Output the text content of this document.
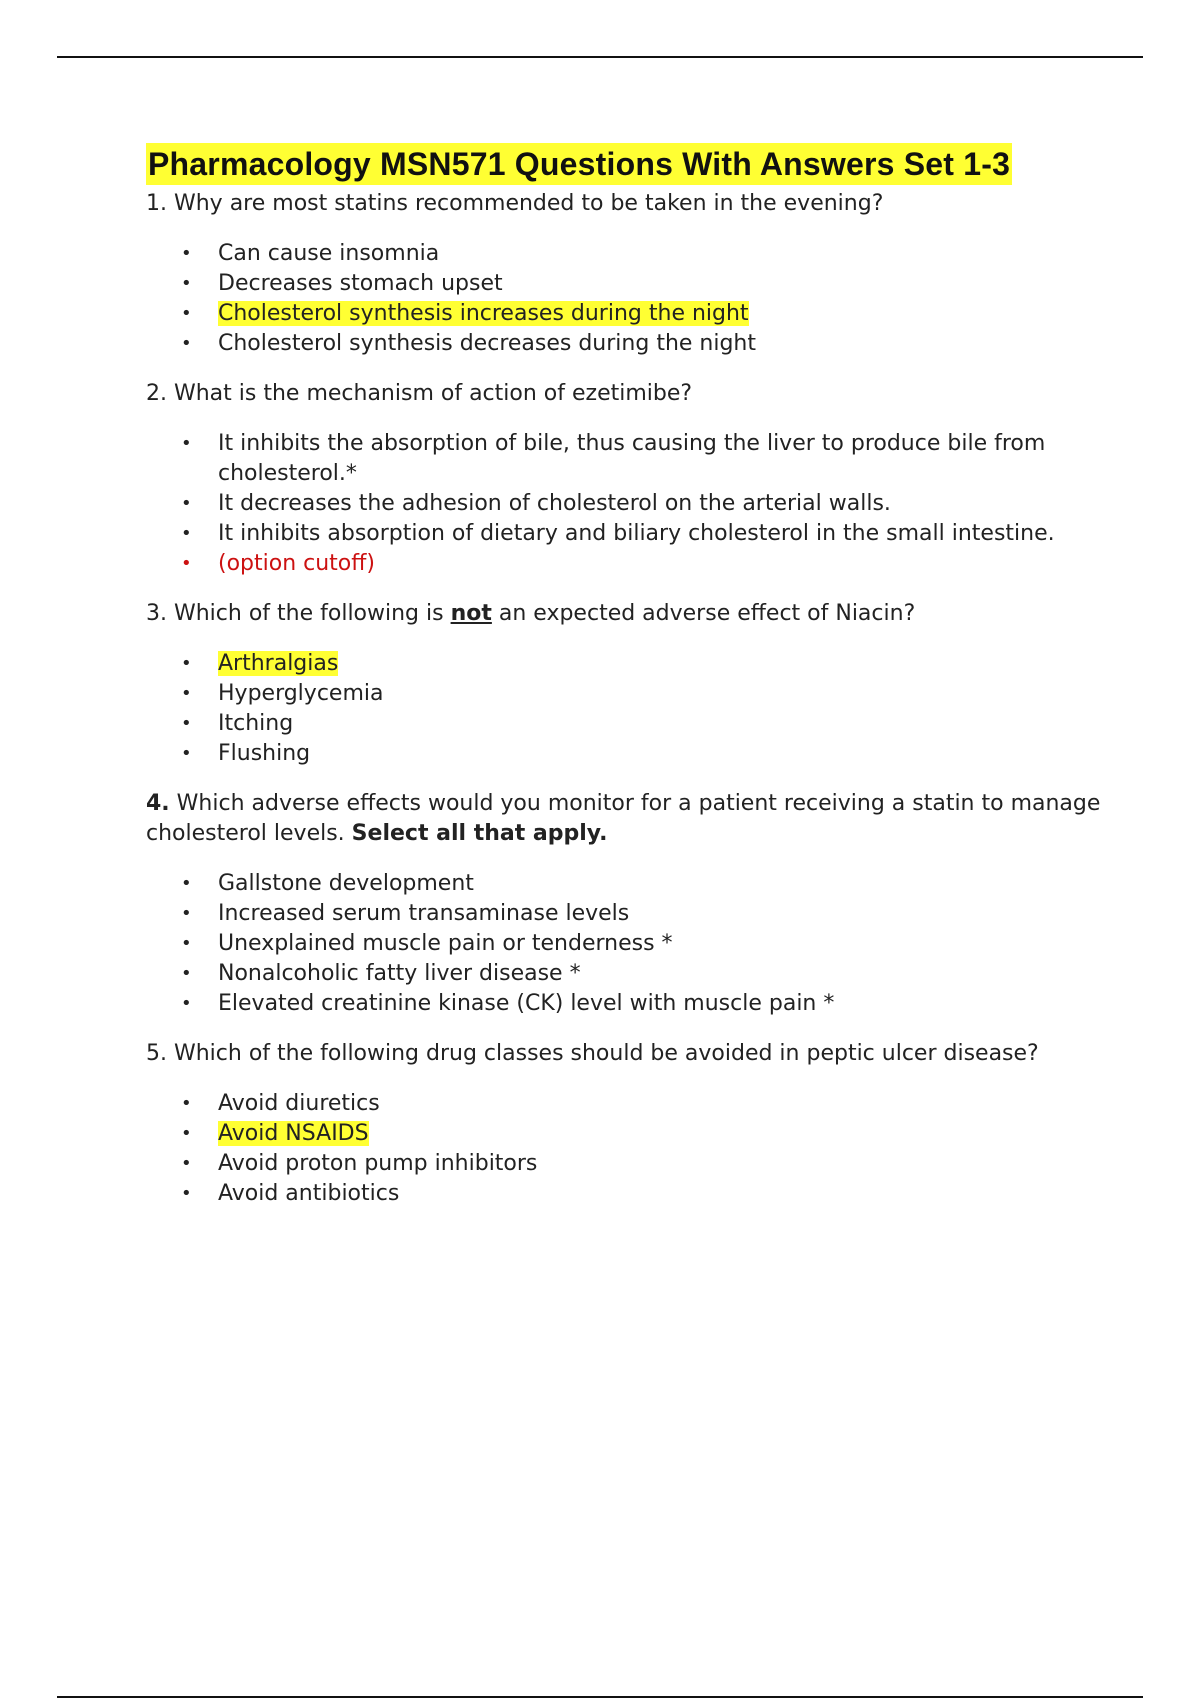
Pharmacology MSN571 Questions With Answers Set 1-3

1. Why are most statins recommended to be taken in the evening?

• Can cause insomnia
• Decreases stomach upset
• Cholesterol synthesis increases during the night
• Cholesterol synthesis decreases during the night

2. What is the mechanism of action of ezetimibe?

• It inhibits the absorption of bile, thus causing the liver to produce bile from cholesterol.*
• It decreases the adhesion of cholesterol on the arterial walls.
• It inhibits absorption of dietary and biliary cholesterol in the small intestine.
• (option cutoff)

3. Which of the following is not an expected adverse effect of Niacin?

• Arthralgias
• Hyperglycemia
• Itching
• Flushing

4. Which adverse effects would you monitor for a patient receiving a statin to manage cholesterol levels. Select all that apply.

• Gallstone development
• Increased serum transaminase levels
• Unexplained muscle pain or tenderness *
• Nonalcoholic fatty liver disease *
• Elevated creatinine kinase (CK) level with muscle pain *

5. Which of the following drug classes should be avoided in peptic ulcer disease?

• Avoid diuretics
• Avoid NSAIDS
• Avoid proton pump inhibitors
• Avoid antibiotics
